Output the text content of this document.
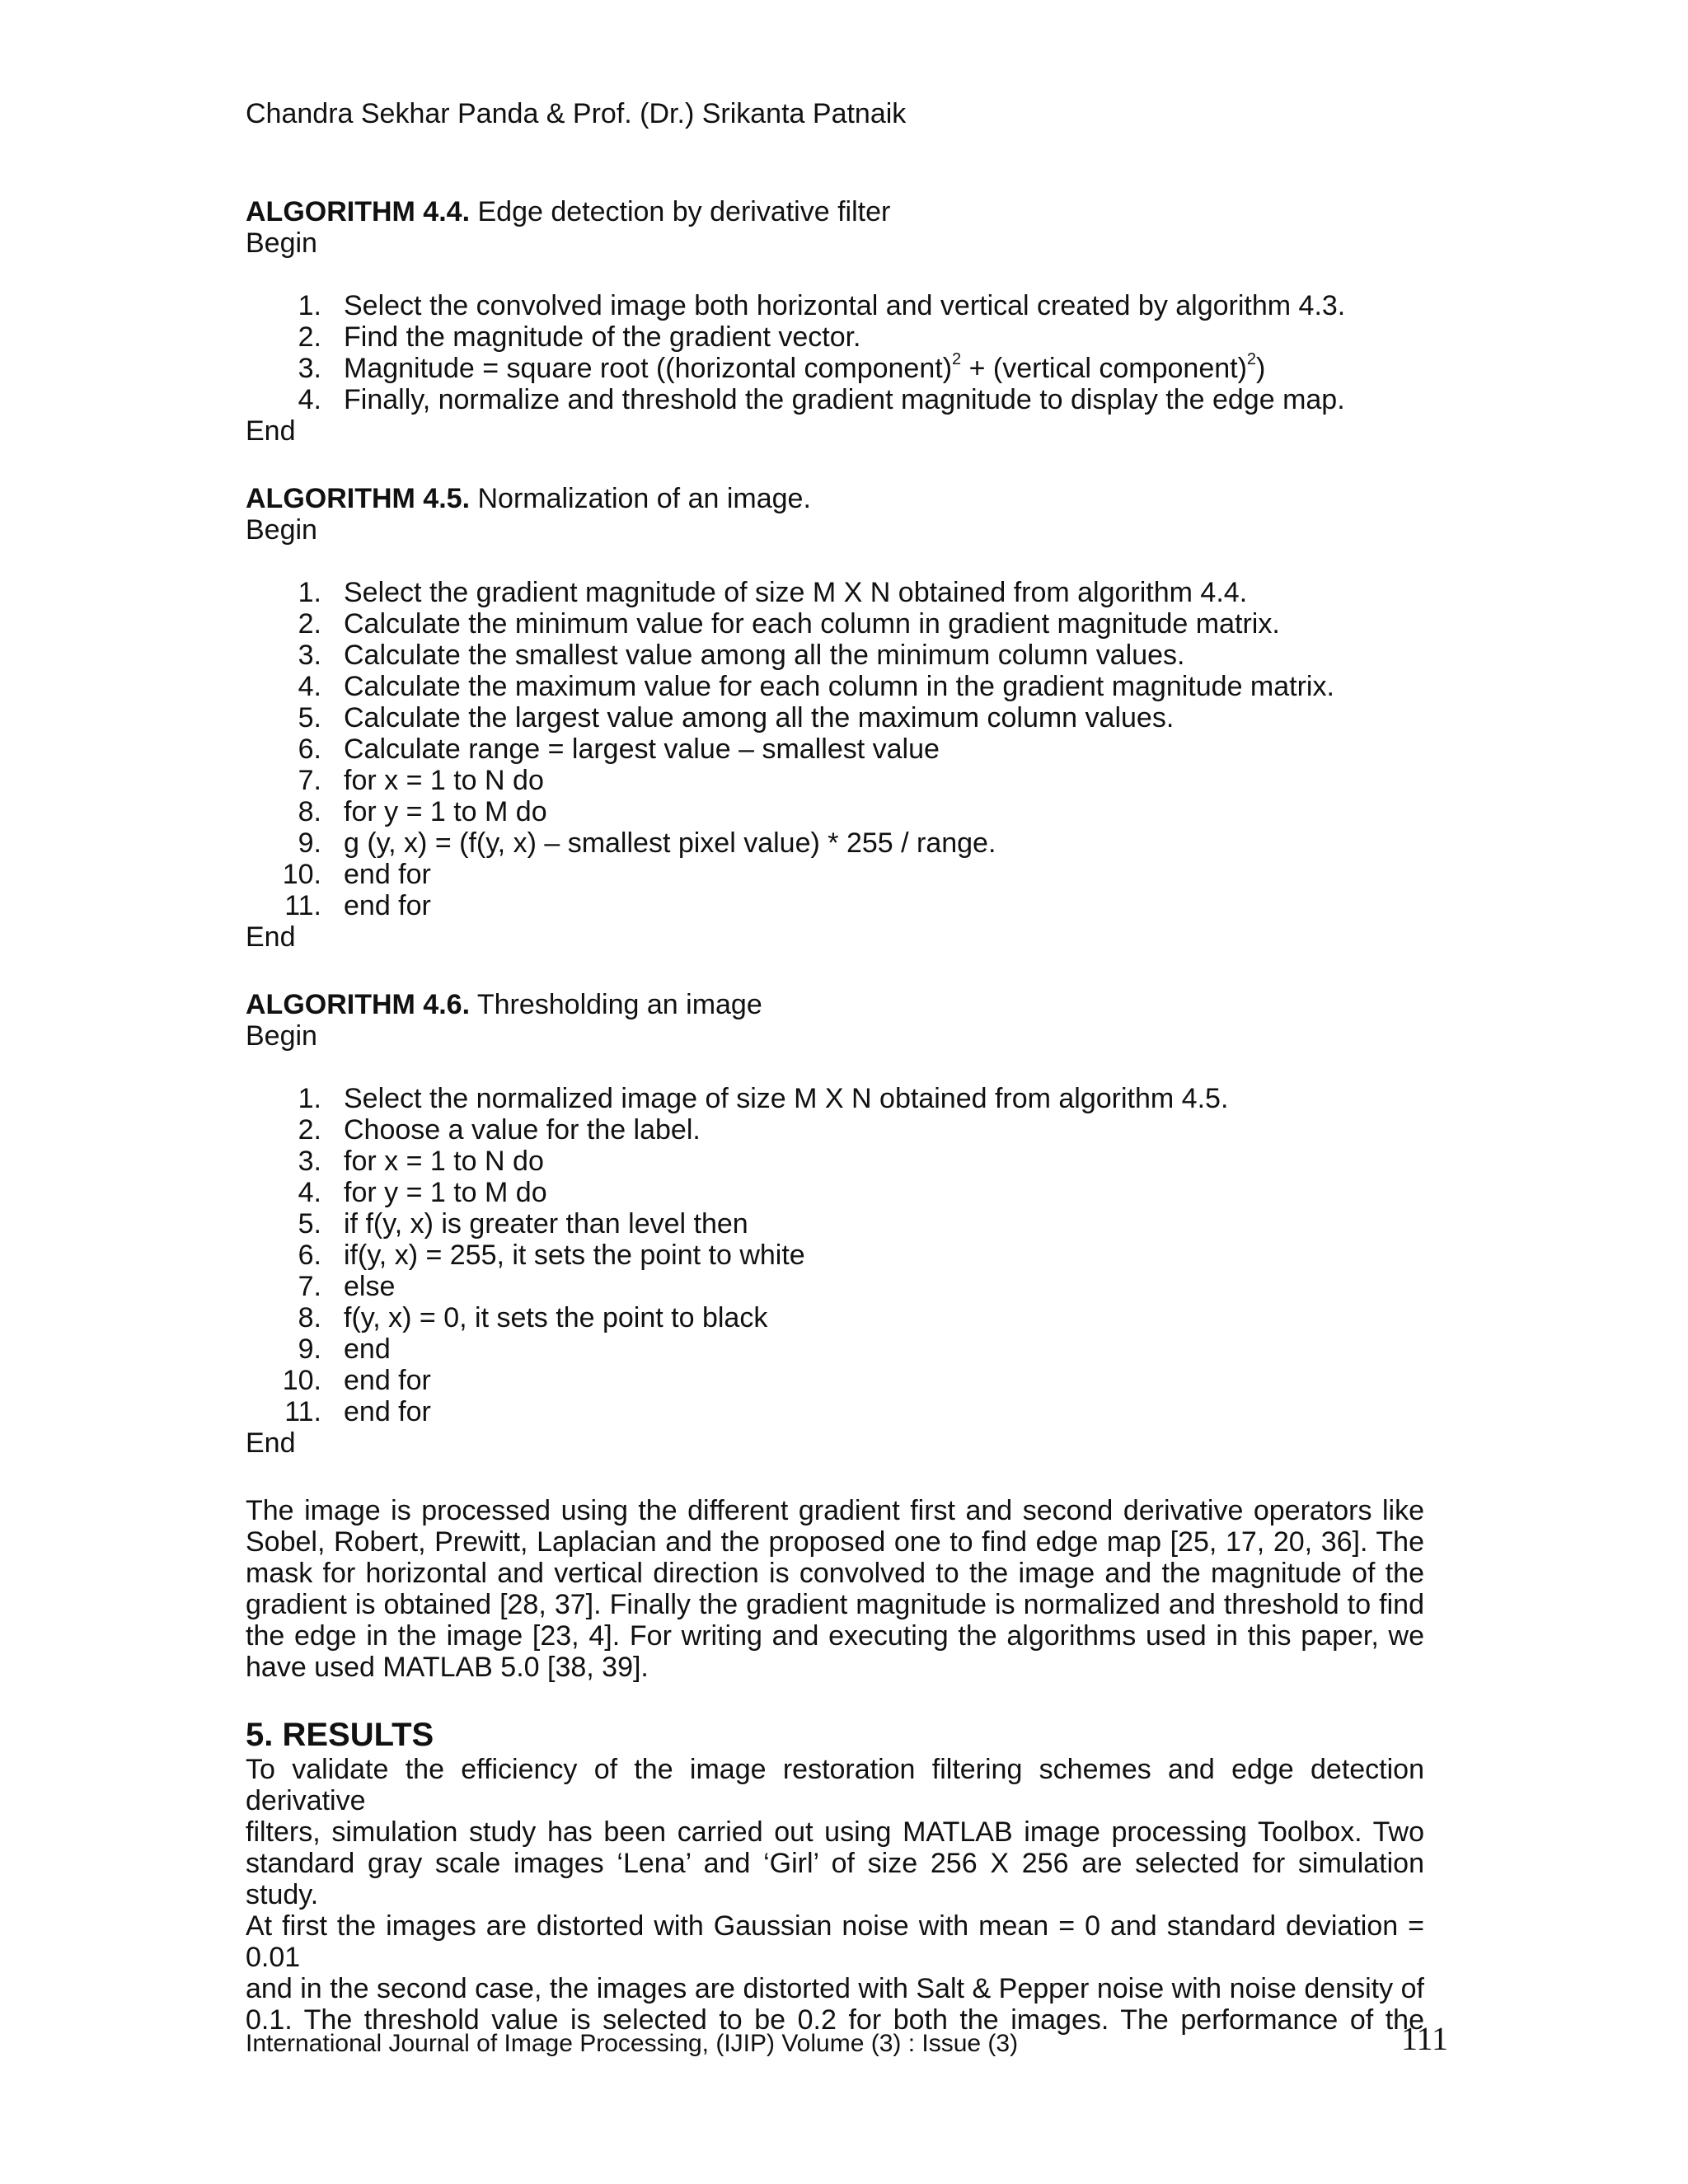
Chandra Sekhar Panda & Prof. (Dr.) Srikanta Patnaik
ALGORITHM 4.4. Edge detection by derivative filter
Begin
1. Select the convolved image both horizontal and vertical created by algorithm 4.3.
2. Find the magnitude of the gradient vector.
3. Magnitude = square root ((horizontal component)$^2$ + (vertical component)$^2$)
4. Finally, normalize and threshold the gradient magnitude to display the edge map.
End
ALGORITHM 4.5. Normalization of an image.
Begin
1. Select the gradient magnitude of size M X N obtained from algorithm 4.4.
2. Calculate the minimum value for each column in gradient magnitude matrix.
3. Calculate the smallest value among all the minimum column values.
4. Calculate the maximum value for each column in the gradient magnitude matrix.
5. Calculate the largest value among all the maximum column values.
6. Calculate range = largest value – smallest value
7. for x = 1 to N do
8. for y = 1 to M do
9. g (y, x) = (f(y, x) – smallest pixel value) * 255 / range.
10. end for
11. end for
End
ALGORITHM 4.6. Thresholding an image
Begin
1. Select the normalized image of size M X N obtained from algorithm 4.5.
2. Choose a value for the label.
3. for x = 1 to N do
4. for y = 1 to M do
5. if f(y, x) is greater than level then
6. if(y, x) = 255, it sets the point to white
7. else
8. f(y, x) = 0, it sets the point to black
9. end
10. end for
11. end for
End
The image is processed using the different gradient first and second derivative operators like
Sobel, Robert, Prewitt, Laplacian and the proposed one to find edge map [25, 17, 20, 36]. The
mask for horizontal and vertical direction is convolved to the image and the magnitude of the
gradient is obtained [28, 37]. Finally the gradient magnitude is normalized and threshold to find
the edge in the image [23, 4]. For writing and executing the algorithms used in this paper, we
have used MATLAB 5.0 [38, 39].
5. RESULTS
To validate the efficiency of the image restoration filtering schemes and edge detection derivative
filters, simulation study has been carried out using MATLAB image processing Toolbox. Two
standard gray scale images ‘Lena’ and ‘Girl’ of size 256 X 256 are selected for simulation study.
At first the images are distorted with Gaussian noise with mean = 0 and standard deviation = 0.01
and in the second case, the images are distorted with Salt & Pepper noise with noise density of
0.1. The threshold value is selected to be 0.2 for both the images. The performance of the
International Journal of Image Processing, (IJIP) Volume (3) : Issue (3)	111
